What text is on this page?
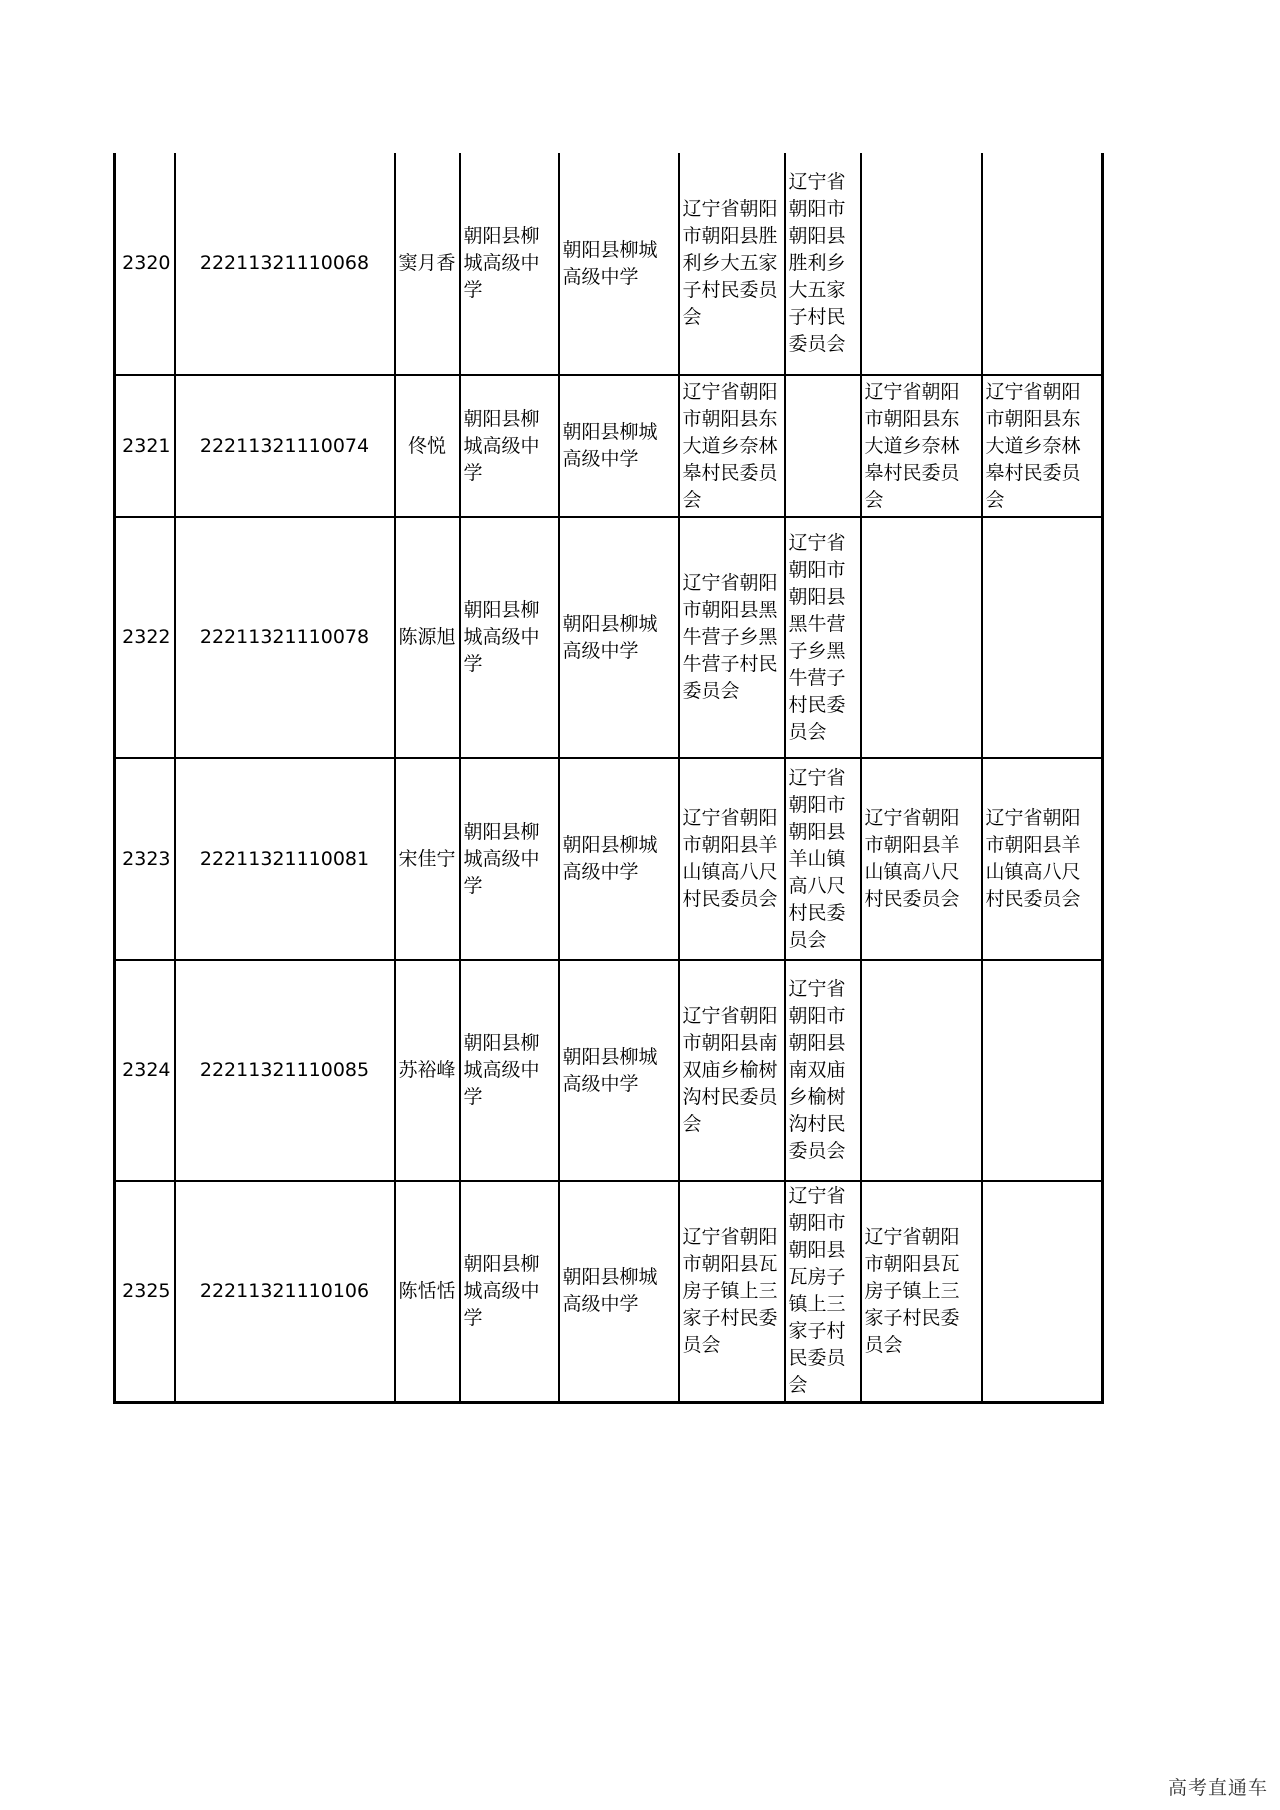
2320	22211321110068	窦月香	朝阳县柳城高级中学	朝阳县柳城高级中学	辽宁省朝阳市朝阳县胜利乡大五家子村民委员会	辽宁省朝阳市朝阳县胜利乡大五家子村民委员会		
2321	22211321110074	佟悦	朝阳县柳城高级中学	朝阳县柳城高级中学	辽宁省朝阳市朝阳县东大道乡奈林皋村民委员会		辽宁省朝阳市朝阳县东大道乡奈林皋村民委员会	辽宁省朝阳市朝阳县东大道乡奈林皋村民委员会
2322	22211321110078	陈源旭	朝阳县柳城高级中学	朝阳县柳城高级中学	辽宁省朝阳市朝阳县黑牛营子乡黑牛营子村民委员会	辽宁省朝阳市朝阳县黑牛营子乡黑牛营子村民委员会		
2323	22211321110081	宋佳宁	朝阳县柳城高级中学	朝阳县柳城高级中学	辽宁省朝阳市朝阳县羊山镇高八尺村民委员会	辽宁省朝阳市朝阳县羊山镇高八尺村民委员会	辽宁省朝阳市朝阳县羊山镇高八尺村民委员会	辽宁省朝阳市朝阳县羊山镇高八尺村民委员会
2324	22211321110085	苏裕峰	朝阳县柳城高级中学	朝阳县柳城高级中学	辽宁省朝阳市朝阳县南双庙乡榆树沟村民委员会	辽宁省朝阳市朝阳县南双庙乡榆树沟村民委员会		
2325	22211321110106	陈恬恬	朝阳县柳城高级中学	朝阳县柳城高级中学	辽宁省朝阳市朝阳县瓦房子镇上三家子村民委员会	辽宁省朝阳市朝阳县瓦房子镇上三家子村民委员会	辽宁省朝阳市朝阳县瓦房子镇上三家子村民委员会	
高考直通车
